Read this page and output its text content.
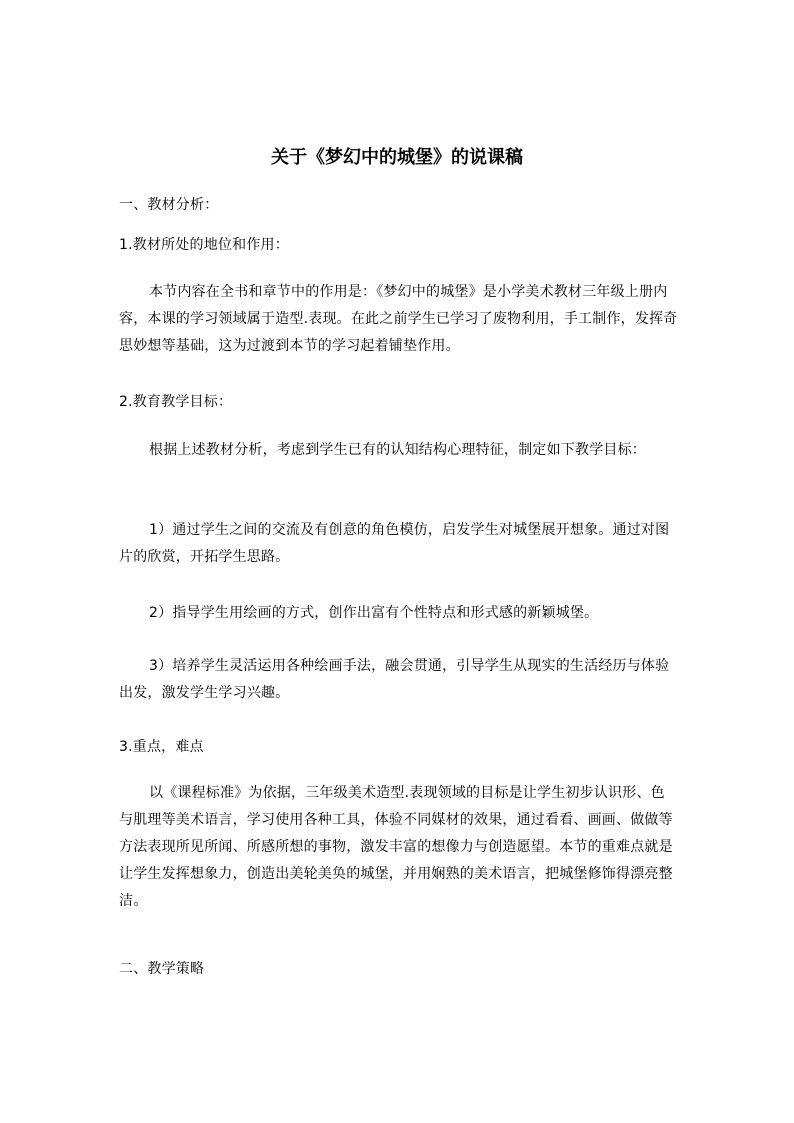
关于《梦幻中的城堡》的说课稿

一、教材分析：

1.教材所处的地位和作用：

本节内容在全书和章节中的作用是：《梦幻中的城堡》是小学美术教材三年级上册内容，本课的学习领域属于造型.表现。在此之前学生已学习了废物利用，手工制作，发挥奇思妙想等基础，这为过渡到本节的学习起着铺垫作用。

2.教育教学目标：

根据上述教材分析，考虑到学生已有的认知结构心理特征，制定如下教学目标：

1）通过学生之间的交流及有创意的角色模仿，启发学生对城堡展开想象。通过对图片的欣赏，开拓学生思路。

2）指导学生用绘画的方式，创作出富有个性特点和形式感的新颖城堡。

3）培养学生灵活运用各种绘画手法，融会贯通，引导学生从现实的生活经历与体验出发，激发学生学习兴趣。

3.重点，难点

以《课程标准》为依据，三年级美术造型.表现领域的目标是让学生初步认识形、色与肌理等美术语言，学习使用各种工具，体验不同媒材的效果，通过看看、画画、做做等方法表现所见所闻、所感所想的事物，激发丰富的想像力与创造愿望。本节的重难点就是让学生发挥想象力，创造出美轮美奂的城堡，并用娴熟的美术语言，把城堡修饰得漂亮整洁。

二、教学策略
